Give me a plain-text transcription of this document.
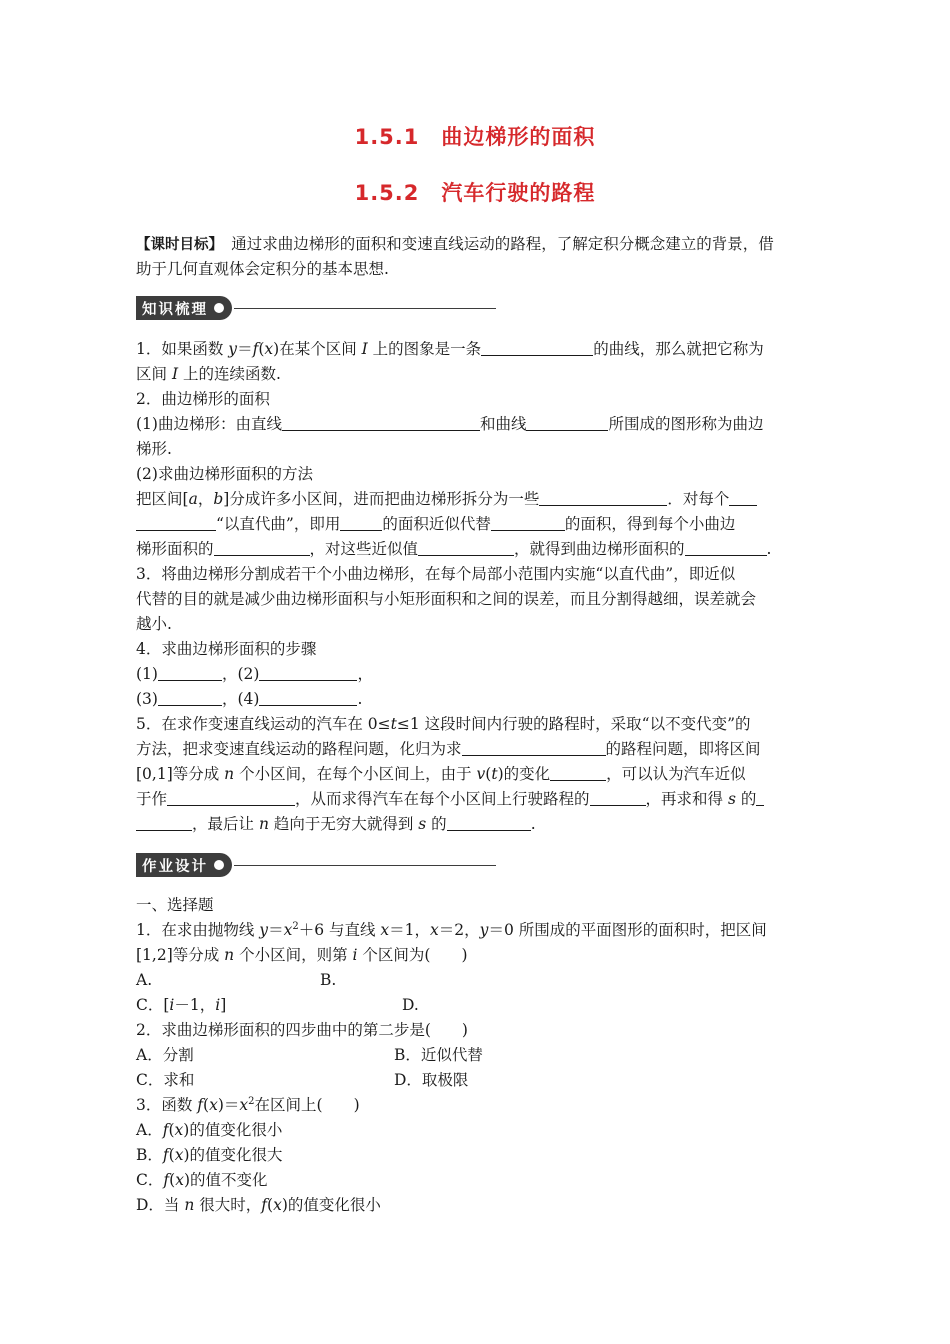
1.5.1　曲边梯形的面积
1.5.2　汽车行驶的路程
【课时目标】　通过求曲边梯形的面积和变速直线运动的路程，了解定积分概念建立的背景，借
助于几何直观体会定积分的基本思想.
知识梳理
1．如果函数 y＝f(x)在某个区间 I 上的图象是一条	的曲线，那么就把它称为
区间 I 上的连续函数.
2．曲边梯形的面积
(1)曲边梯形：由直线	和曲线	所围成的图形称为曲边
梯形.
(2)求曲边梯形面积的方法
把区间[a，b]分成许多小区间，进而把曲边梯形拆分为一些	．对每个
“以直代曲”，即用	的面积近似代替	的面积，得到每个小曲边
梯形面积的	，对这些近似值	，就得到曲边梯形面积的	.
3．将曲边梯形分割成若干个小曲边梯形，在每个局部小范围内实施“以直代曲”，即近似
代替的目的就是减少曲边梯形面积与小矩形面积和之间的误差，而且分割得越细，误差就会
越小.
4．求曲边梯形面积的步骤
(1)	，(2)	，
(3)	，(4)	.
5．在求作变速直线运动的汽车在 0≤t≤1 这段时间内行驶的路程时，采取“以不变代变”的
方法，把求变速直线运动的路程问题，化归为求	的路程问题，即将区间
[0,1]等分成 n 个小区间，在每个小区间上，由于 v(t)的变化	，可以认为汽车近似
于作	，从而求得汽车在每个小区间上行驶路程的	，再求和得 s 的
，最后让 n 趋向于无穷大就得到 s 的	.
作业设计
一、选择题
1．在求由抛物线 $y=x^2+6$ 与直线 x＝1，x＝2，y＝0 所围成的平面图形的面积时，把区间
[1,2]等分成 n 个小区间，则第 i 个区间为(　　)
A.	B.
C．[i－1，i]	D.
2．求曲边梯形面积的四步曲中的第二步是(　　)
A．分割	B．近似代替
C．求和	D．取极限
3．函数 $f(x)=x^2$在区间上(　　)
A．f(x)的值变化很小
B．f(x)的值变化很大
C．f(x)的值不变化
D．当 n 很大时，f(x)的值变化很小
